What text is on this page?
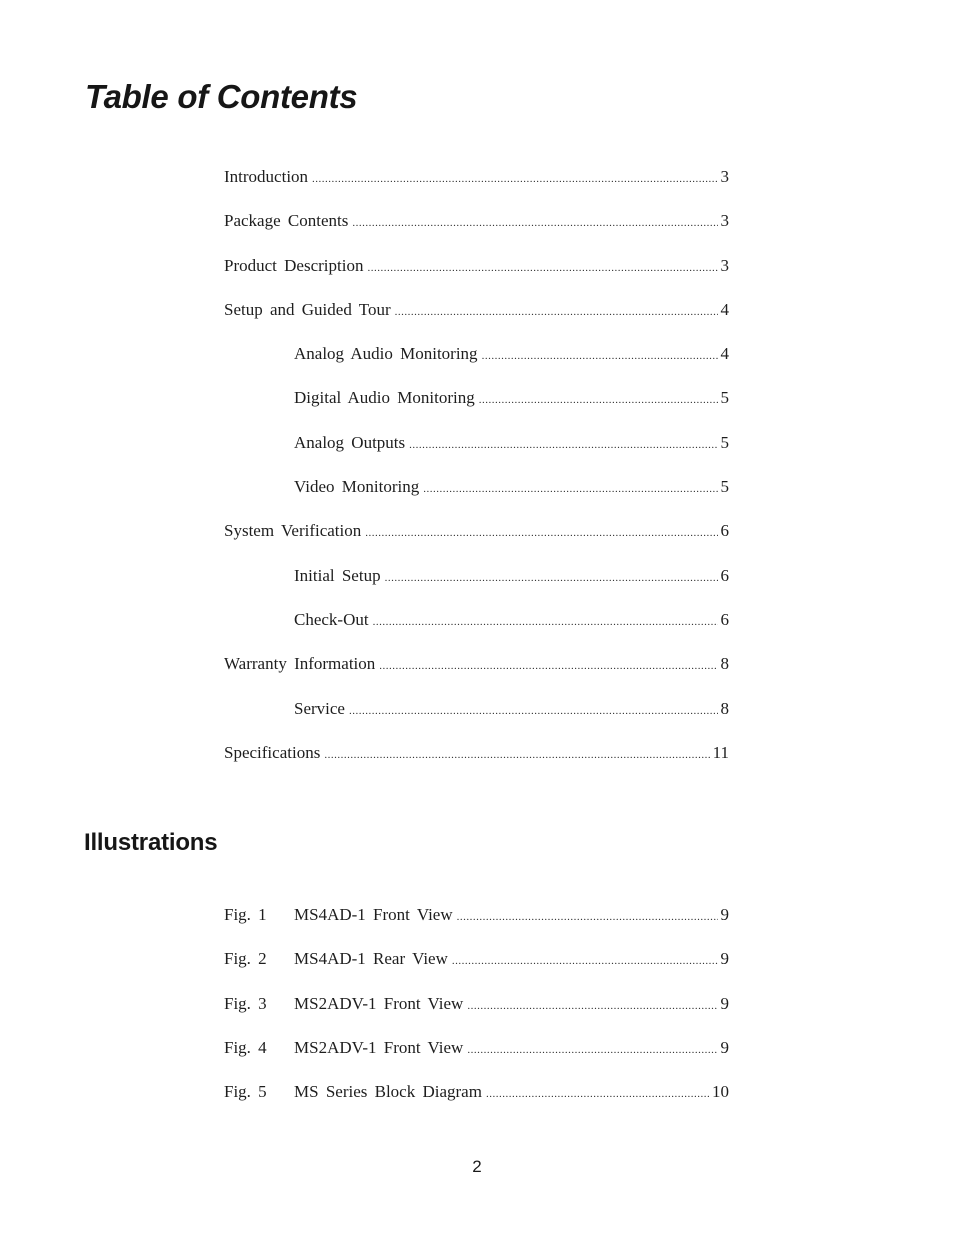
Table of Contents
Introduction .....	3
Package Contents .....	3
Product Description .....	3
Setup and Guided Tour .....	4
Analog Audio Monitoring .....	4
Digital Audio Monitoring .....	5
Analog Outputs .....	5
Video Monitoring .....	5
System Verification .....	6
Initial Setup .....	6
Check-Out .....	6
Warranty Information .....	8
Service .....	8
Specifications .....	11
Illustrations
Fig. 1	MS4AD-1 Front View .....	9
Fig. 2	MS4AD-1 Rear View .....	9
Fig. 3	MS2ADV-1 Front View .....	9
Fig. 4	MS2ADV-1 Front View .....	9
Fig. 5	MS Series Block Diagram .....	10

2
